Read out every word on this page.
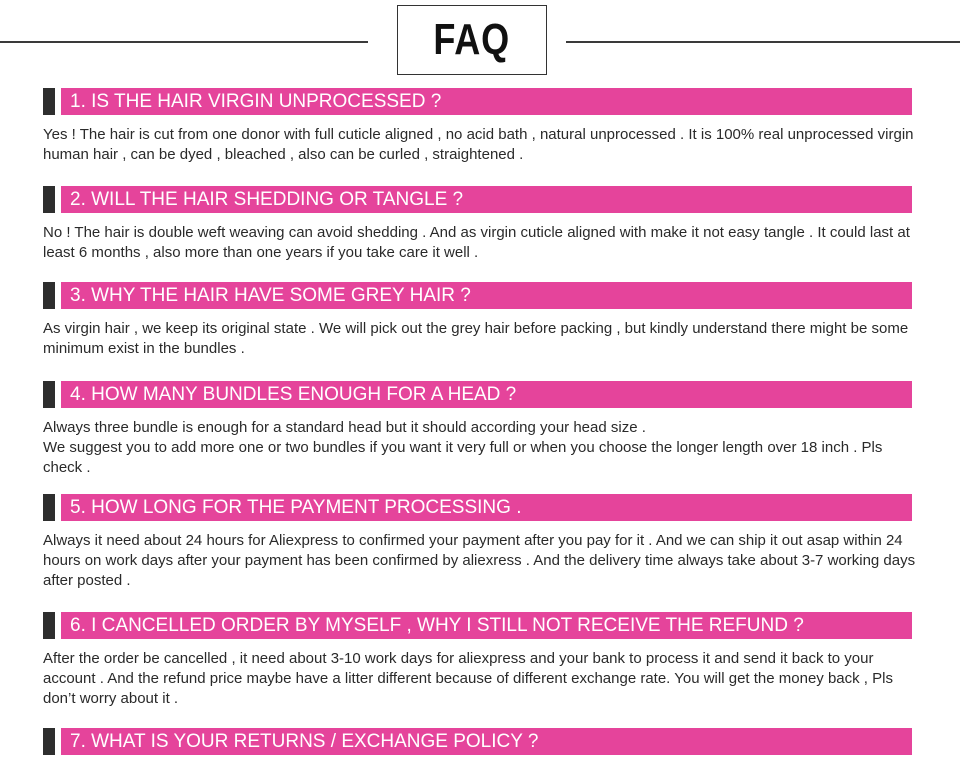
FAQ
1. IS THE HAIR VIRGIN UNPROCESSED ?

Yes ! The hair is cut from one donor with full cuticle aligned , no acid bath , natural unprocessed . It is 100% real unprocessed virgin human hair , can be dyed , bleached , also can be curled , straightened .

2. WILL THE HAIR SHEDDING OR TANGLE ?

No ! The hair is double weft weaving can avoid shedding . And as virgin cuticle aligned with make it not easy tangle . It could last at least 6 months , also more than one years if you take care it well .

3. WHY THE HAIR HAVE SOME GREY HAIR ?

As virgin hair , we keep its original state . We will pick out the grey hair before packing , but kindly understand there might be some minimum exist in the bundles .

4. HOW MANY BUNDLES ENOUGH FOR A HEAD ?

Always three bundle is enough for a standard head but it should according your head size .

We suggest you to add more one or two bundles if you want it very full or when you choose the longer length over 18 inch . Pls check .

5. HOW LONG FOR THE PAYMENT PROCESSING .

Always it need about 24 hours for Aliexpress to confirmed your payment after you pay for it . And we can ship it out asap within 24 hours on work days after your payment has been confirmed by aliexress . And the delivery time always take about 3-7 working days after posted .

6. I CANCELLED ORDER BY MYSELF , WHY I STILL NOT RECEIVE THE REFUND ?

After the order be cancelled , it need about 3-10 work days for aliexpress and your bank to process it and send it back to your account . And the refund price maybe have a litter different because of different exchange rate. You will get the money back , Pls don’t worry about it .

7. WHAT IS YOUR RETURNS / EXCHANGE POLICY ?
